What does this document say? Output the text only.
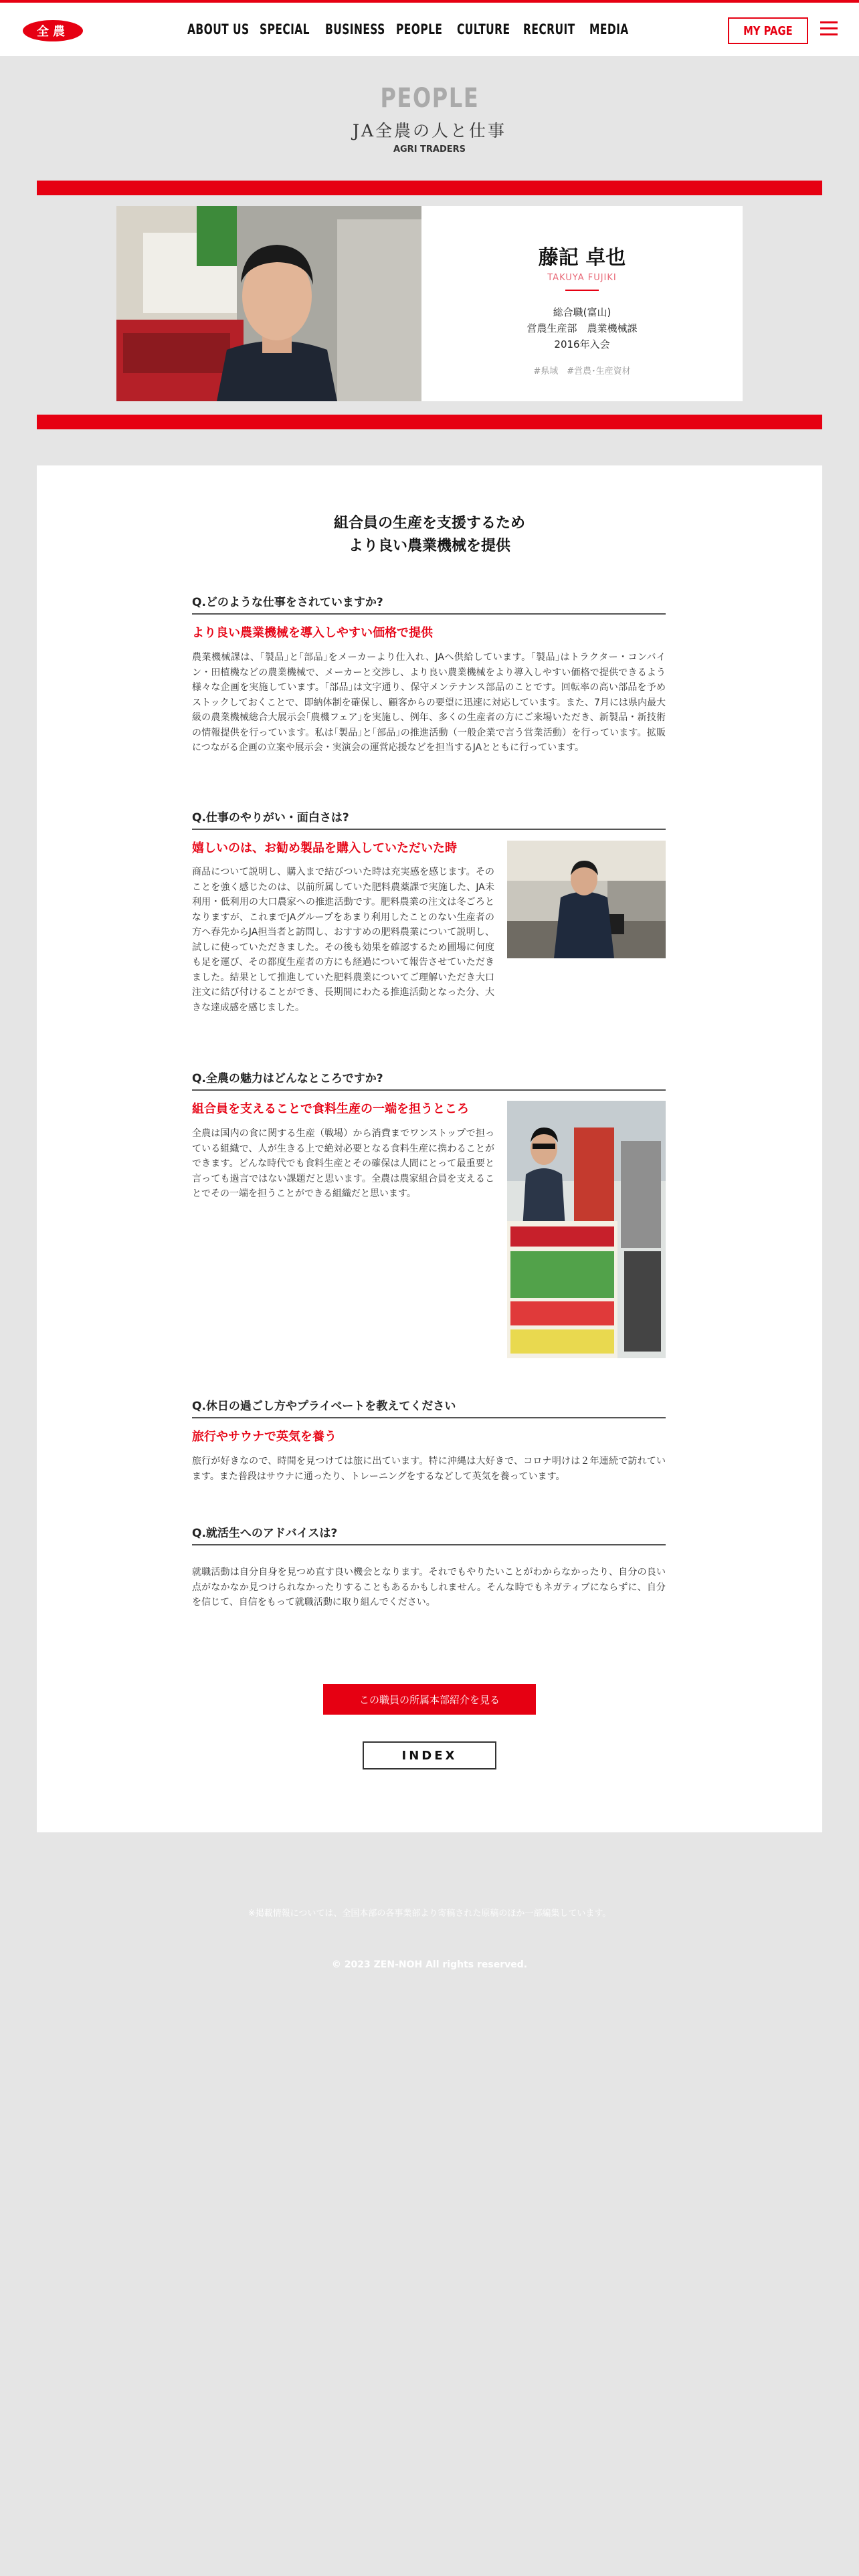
全農	ABOUT US SPECIAL BUSINESS PEOPLE CULTURE RECRUIT MEDIA	MY PAGE
PEOPLE
JA全農の人と仕事
AGRI TRADERS
藤記 卓也
TAKUYA FUJIKI
総合職(富山)
営農生産部　農業機械課
2016年入会
#県域　#営農･生産資材
組合員の生産を支援するため
より良い農業機械を提供
Q.どのような仕事をされていますか?
より良い農業機械を導入しやすい価格で提供

農業機械課は、｢製品｣と｢部品｣をメーカーより仕入れ、JAへ供給しています。｢製品｣はトラクター・コンバイン・田植機などの農業機械で、メーカーと交渉し、より良い農業機械をより導入しやすい価格で提供できるよう様々な企画を実施しています。｢部品｣は文字通り、保守メンテナンス部品のことです。回転率の高い部品を予めストックしておくことで、即納体制を確保し、顧客からの要望に迅速に対応しています。また、7月には県内最大級の農業機械総合大展示会｢農機フェア｣を実施し、例年、多くの生産者の方にご来場いただき、新製品・新技術の情報提供を行っています。私は｢製品｣と｢部品｣の推進活動（一般企業で言う営業活動）を行っています。拡販につながる企画の立案や展示会・実演会の運営応援などを担当するJAとともに行っています。

Q.仕事のやりがい・面白さは?
嬉しいのは、お勧め製品を購入していただいた時

商品について説明し、購入まで結びついた時は充実感を感じます。そのことを強く感じたのは、以前所属していた肥料農薬課で実施した、JA未利用・低利用の大口農家への推進活動です。肥料農業の注文は冬ごろとなりますが、これまでJAグループをあまり利用したことのない生産者の方へ春先からJA担当者と訪問し、おすすめの肥料農業について説明し、試しに使っていただきました。その後も効果を確認するため圃場に何度も足を運び、その都度生産者の方にも経過について報告させていただきました。結果として推進していた肥料農業についてご理解いただき大口注文に結び付けることができ、長期間にわたる推進活動となった分、大きな達成感を感じました。

Q.全農の魅力はどんなところですか?
組合員を支えることで食料生産の一端を担うところ

全農は国内の食に関する生産（戦場）から消費までワンストップで担っている組織で、人が生きる上で絶対必要となる食料生産に携わることができます。どんな時代でも食料生産とその確保は人間にとって最重要と言っても過言ではない課題だと思います。全農は農家組合員を支えることでその一端を担うことができる組織だと思います。

Q.休日の過ごし方やプライベートを教えてください
旅行やサウナで英気を養う

旅行が好きなので、時間を見つけては旅に出ています。特に沖縄は大好きで、コロナ明けは２年連続で訪れています。また普段はサウナに通ったり、トレーニングをするなどして英気を養っています。

Q.就活生へのアドバイスは?

就職活動は自分自身を見つめ直す良い機会となります。それでもやりたいことがわからなかったり、自分の良い点がなかなか見つけられなかったりすることもあるかもしれません。そんな時でもネガティブにならずに、自分を信じて、自信をもって就職活動に取り組んでください。

この職員の所属本部紹介を見る
INDEX
※掲載情報については、全国本部の各事業部より寄稿された原稿のほか一部編集しています。
© 2023 ZEN-NOH All rights reserved.
